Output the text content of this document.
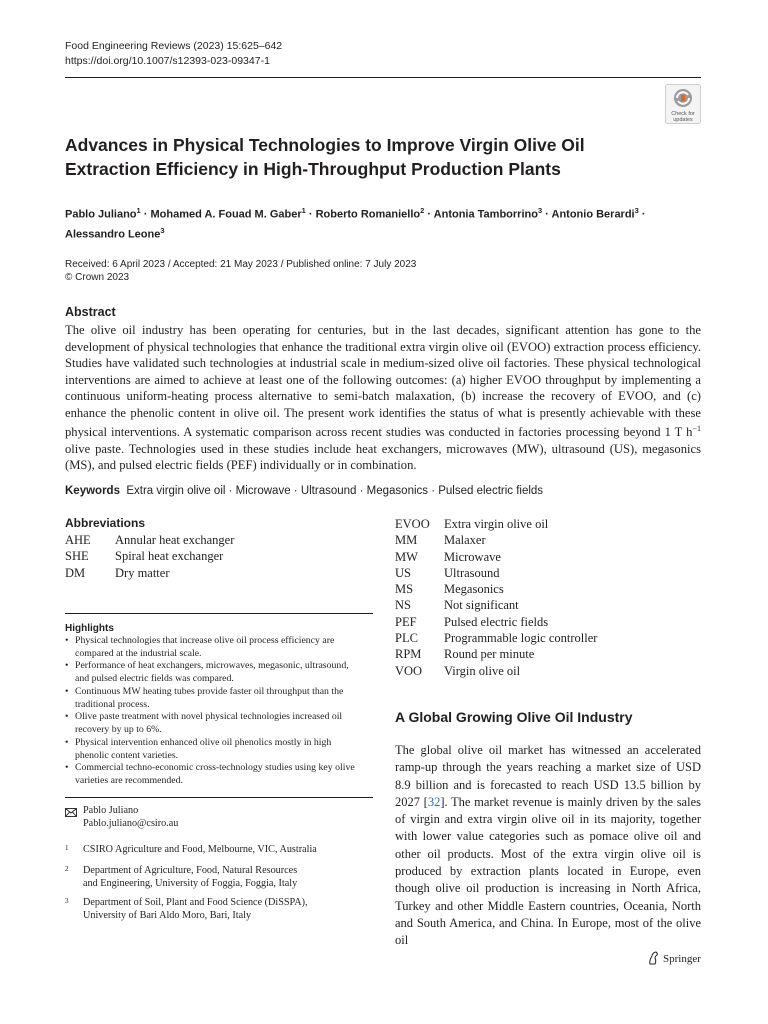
Food Engineering Reviews (2023) 15:625–642
https://doi.org/10.1007/s12393-023-09347-1
Check for
updates
Advances in Physical Technologies to Improve Virgin Olive Oil
Extraction Efficiency in High-Throughput Production Plants
Pablo Juliano$^1$ · Mohamed A. Fouad M. Gaber$^1$ · Roberto Romaniello$^2$ · Antonia Tamborrino$^3$ · Antonio Berardi$^3$ ·
Alessandro Leone$^3$
Received: 6 April 2023 / Accepted: 21 May 2023 / Published online: 7 July 2023
© Crown 2023
Abstract
The olive oil industry has been operating for centuries, but in the last decades, significant attention has gone to the development of physical technologies that enhance the traditional extra virgin olive oil (EVOO) extraction process efficiency. Studies have validated such technologies at industrial scale in medium-sized olive oil factories. These physical technological interventions are aimed to achieve at least one of the following outcomes: (a) higher EVOO throughput by implementing a continuous uniform-heating process alternative to semi-batch malaxation, (b) increase the recovery of EVOO, and (c) enhance the phenolic content in olive oil. The present work identifies the status of what is presently achievable with these physical interventions. A systematic comparison across recent studies was conducted in factories processing beyond 1 T $h^{-1}$ olive paste. Technologies used in these studies include heat exchangers, microwaves (MW), ultrasound (US), megasonics (MS), and pulsed electric fields (PEF) individually or in combination.
Keywords Extra virgin olive oil · Microwave · Ultrasound · Megasonics · Pulsed electric fields
Abbreviations
AHE Annular heat exchanger
SHE Spiral heat exchanger
DM Dry matter
EVOO Extra virgin olive oil
MM Malaxer
MW Microwave
US	Ultrasound
MS Megasonics
NS	Not significant
PEF Pulsed electric fields
PLC Programmable logic controller
RPM Round per minute
VOO Virgin olive oil
Highlights
• Physical technologies that increase olive oil process efficiency are compared at the industrial scale.
• Performance of heat exchangers, microwaves, megasonic, ultrasound, and pulsed electric fields was compared.
• Continuous MW heating tubes provide faster oil throughput than the traditional process.
• Olive paste treatment with novel physical technologies increased oil recovery by up to 6%.
• Physical intervention enhanced olive oil phenolics mostly in high phenolic content varieties.
• Commercial techno-economic cross-technology studies using key olive varieties are recommended.
Pablo Juliano
Pablo.juliano@csiro.au
1	CSIRO Agriculture and Food, Melbourne, VIC, Australia
2	Department of Agriculture, Food, Natural Resources
and Engineering, University of Foggia, Foggia, Italy
3	Department of Soil, Plant and Food Science (DiSSPA),
University of Bari Aldo Moro, Bari, Italy
A Global Growing Olive Oil Industry
The global olive oil market has witnessed an accelerated ramp-up through the years reaching a market size of USD 8.9 billion and is forecasted to reach USD 13.5 billion by 2027 [32]. The market revenue is mainly driven by the sales of virgin and extra virgin olive oil in its majority, together with lower value categories such as pomace olive oil and other oil products. Most of the extra virgin olive oil is produced by extraction plants located in Europe, even though olive oil production is increasing in North Africa, Turkey and other Middle Eastern countries, Oceania, North and South America, and China. In Europe, most of the olive oil
Springer
